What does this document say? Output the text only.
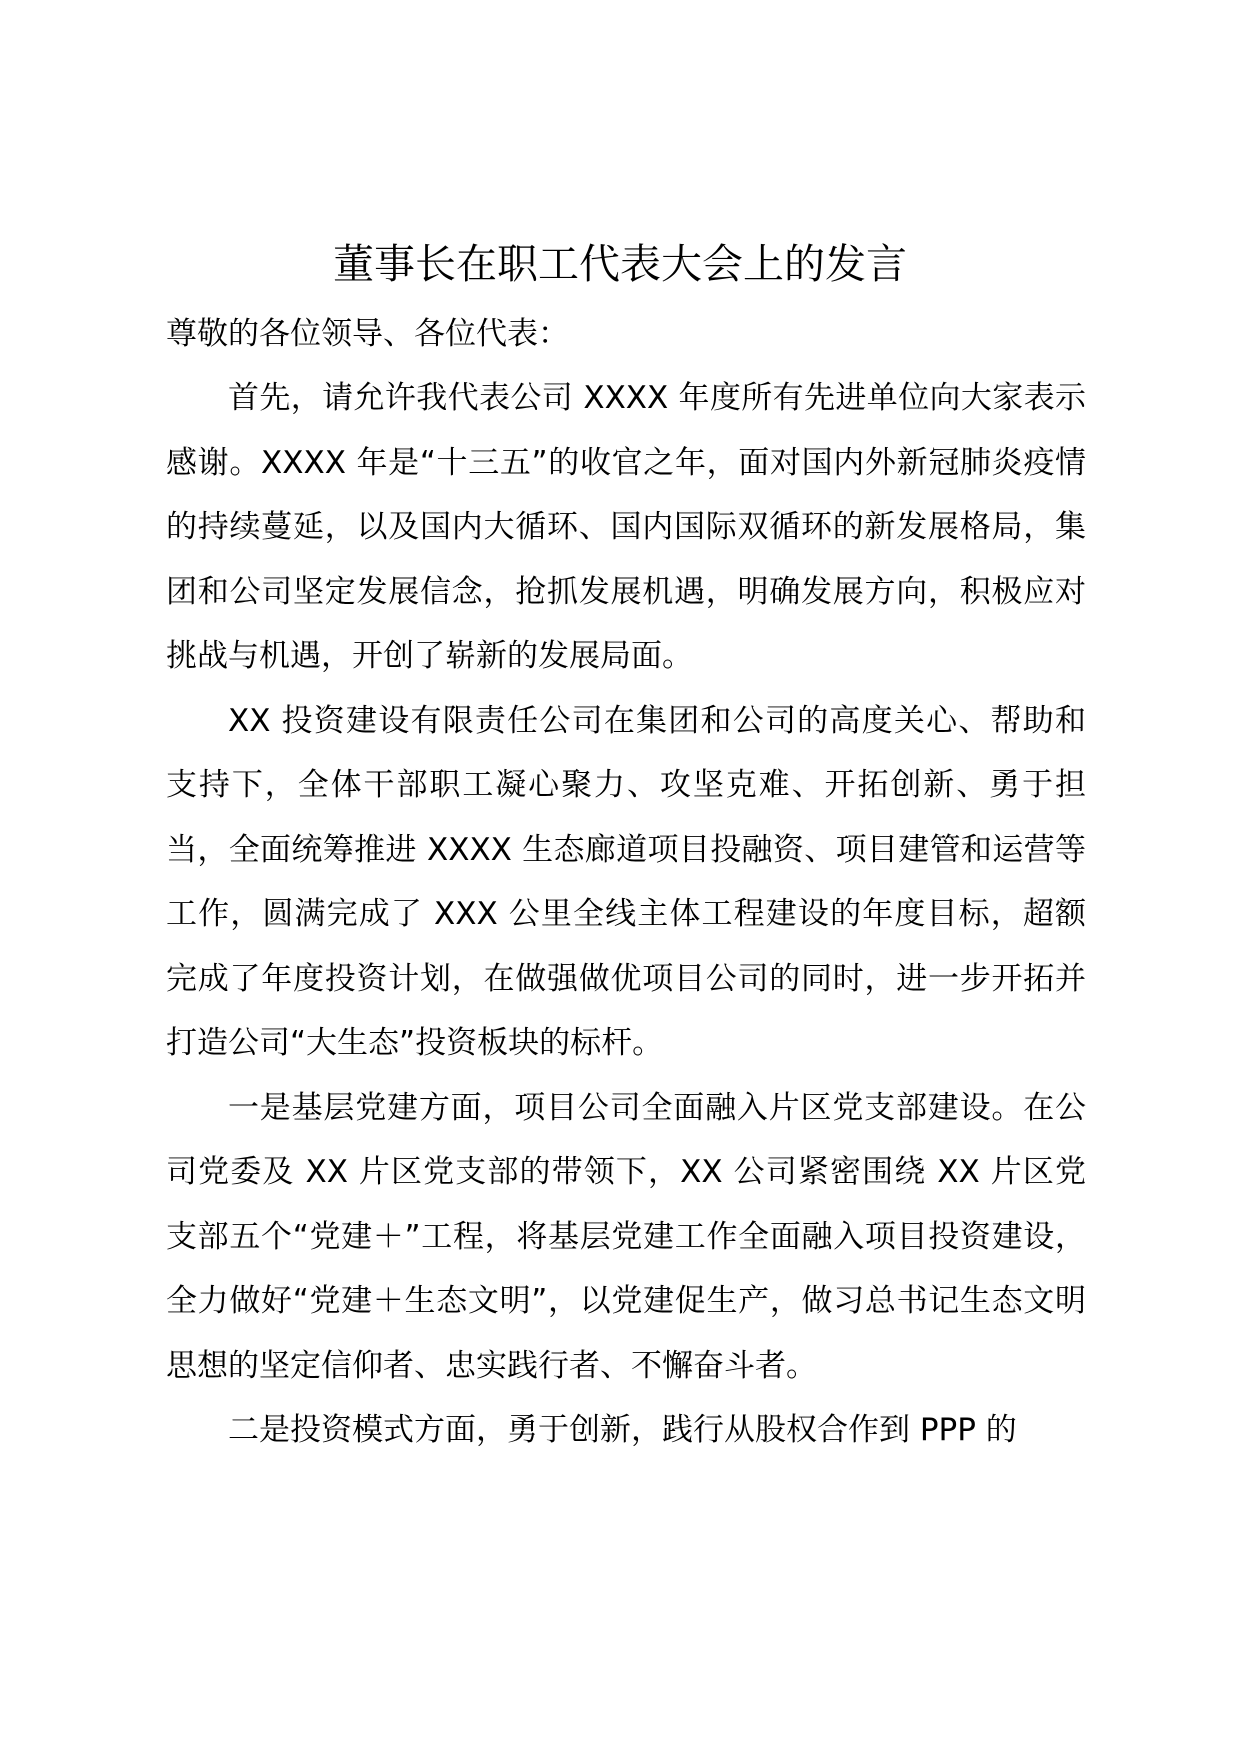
董事长在职工代表大会上的发言

尊敬的各位领导、各位代表：

首先，请允许我代表公司 XXXX 年度所有先进单位向大家表示感谢。XXXX 年是“十三五”的收官之年，面对国内外新冠肺炎疫情的持续蔓延，以及国内大循环、国内国际双循环的新发展格局，集团和公司坚定发展信念，抢抓发展机遇，明确发展方向，积极应对挑战与机遇，开创了崭新的发展局面。

XX 投资建设有限责任公司在集团和公司的高度关心、帮助和支持下，全体干部职工凝心聚力、攻坚克难、开拓创新、勇于担当，全面统筹推进 XXXX 生态廊道项目投融资、项目建管和运营等工作，圆满完成了 XXX 公里全线主体工程建设的年度目标，超额完成了年度投资计划，在做强做优项目公司的同时，进一步开拓并打造公司“大生态”投资板块的标杆。

一是基层党建方面，项目公司全面融入片区党支部建设。在公司党委及 XX 片区党支部的带领下，XX 公司紧密围绕 XX 片区党支部五个“党建＋”工程，将基层党建工作全面融入项目投资建设，全力做好“党建＋生态文明”，以党建促生产，做习总书记生态文明思想的坚定信仰者、忠实践行者、不懈奋斗者。

二是投资模式方面，勇于创新，践行从股权合作到 PPP 的
